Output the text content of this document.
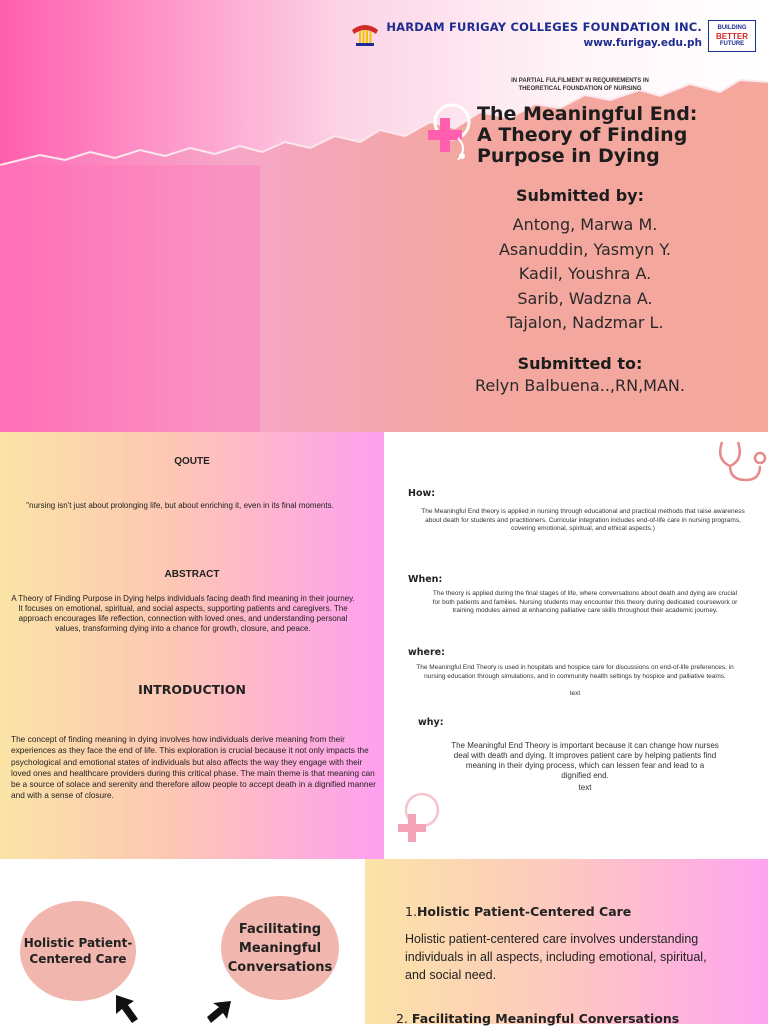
HARDAM FURIGAY COLLEGES FOUNDATION INC.
www.furigay.edu.ph
BUILDING
BETTER
FUTURE
IN PARTIAL FULFILMENT IN REQUIREMENTS IN
THEORETICAL FOUNDATION OF NURSING
The Meaningful End:
A Theory of Finding
Purpose in Dying
Submitted by:
Antong, Marwa M.
Asanuddin, Yasmyn Y.
Kadil, Youshra A.
Sarib, Wadzna A.
Tajalon, Nadzmar L.
Submitted to:
Relyn Balbuena..,RN,MAN.
QOUTE
"nursing isn't just about prolonging life, but about enriching it, even in its final moments.
ABSTRACT
A Theory of Finding Purpose in Dying helps individuals facing death find meaning in their journey. It focuses on emotional, spiritual, and social aspects, supporting patients and caregivers. The approach encourages life reflection, connection with loved ones, and understanding personal values, transforming dying into a chance for growth, closure, and peace.
INTRODUCTION
The concept of finding meaning in dying involves how individuals derive meaning from their experiences as they face the end of life. This exploration is crucial because it not only impacts the psychological and emotional states of individuals but also affects the way they engage with their loved ones and healthcare providers during this critical phase. The main theme is that meaning can be a source of solace and serenity and therefore allow people to accept death in a dignified manner and with a sense of closure.
How:
The Meaningful End theory is applied in nursing through educational and practical methods that raise awareness about death for students and practitioners. Curricular integration includes end-of-life care in nursing programs, covering emotional, spiritual, and ethical aspects.)
When:
The theory is applied during the final stages of life, where conversations about death and dying are crucial for both patients and families. Nursing students may encounter this theory during dedicated coursework or training modules aimed at enhancing palliative care skills throughout their academic journey.
where:
The Meaningful End Theory is used in hospitals and hospice care for discussions on end-of-life preferences, in nursing education through simulations, and in community health settings by hospice and palliative teams.
text
why:
The Meaningful End Theory is important because it can change how nurses deal with death and dying. It improves patient care by helping patients find meaning in their dying process, which can lessen fear and lead to a dignified end.
text
Holistic Patient-Centered Care
Facilitating Meaningful Conversations
1.Holistic Patient-Centered Care
Holistic patient-centered care involves understanding individuals in all aspects, including emotional, spiritual, and social need.
2. Facilitating Meaningful Conversations
